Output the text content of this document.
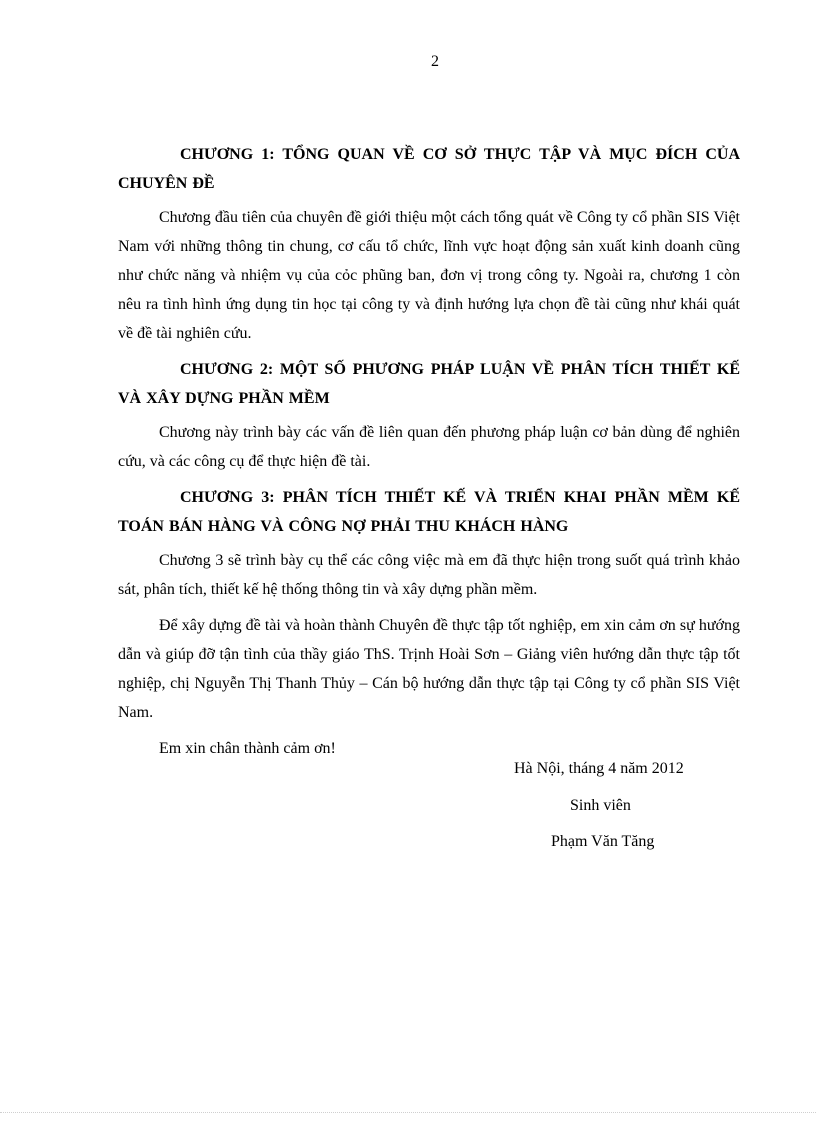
2

CHƯƠNG 1: TỔNG QUAN VỀ CƠ SỞ THỰC TẬP VÀ MỤC ĐÍCH CỦA CHUYÊN ĐỀ

Chương đầu tiên của chuyên đề giới thiệu một cách tổng quát về Công ty cổ phần SIS Việt Nam với những thông tin chung, cơ cấu tổ chức, lĩnh vực hoạt động sản xuất kinh doanh cũng như chức năng và nhiệm vụ của cỏc phũng ban, đơn vị trong công ty. Ngoài ra, chương 1 còn nêu ra tình hình ứng dụng tin học tại công ty và định hướng lựa chọn đề tài cũng như khái quát về đề tài nghiên cứu.

CHƯƠNG 2: MỘT SỐ PHƯƠNG PHÁP LUẬN VỀ PHÂN TÍCH THIẾT KẾ VÀ XÂY DỰNG PHẦN MỀM

Chương này trình bày các vấn đề liên quan đến phương pháp luận cơ bản dùng để nghiên cứu, và các công cụ để thực hiện đề tài.

CHƯƠNG 3: PHÂN TÍCH THIẾT KẾ VÀ TRIỂN KHAI PHẦN MỀM KẾ TOÁN BÁN HÀNG VÀ CÔNG NỢ PHẢI THU KHÁCH HÀNG

Chương 3 sẽ trình bày cụ thể các công việc mà em đã thực hiện trong suốt quá trình khảo sát, phân tích, thiết kế hệ thống thông tin và xây dựng phần mềm.

Để xây dựng đề tài và hoàn thành Chuyên đề thực tập tốt nghiệp, em xin cảm ơn sự hướng dẫn và giúp đỡ tận tình của thầy giáo ThS. Trịnh Hoài Sơn – Giảng viên hướng dẫn thực tập tốt nghiệp, chị Nguyễn Thị Thanh Thủy – Cán bộ hướng dẫn thực tập tại Công ty cổ phần SIS Việt Nam.

Em xin chân thành cảm ơn!

Hà Nội, tháng 4 năm 2012
Sinh viên
Phạm Văn Tăng
